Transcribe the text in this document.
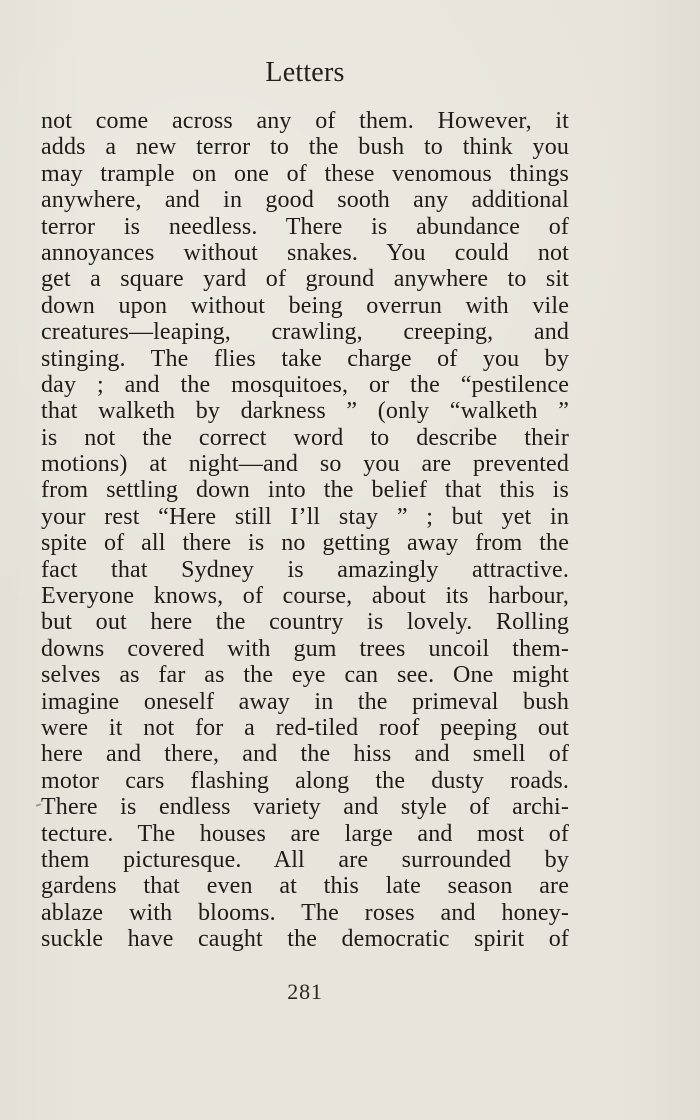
Letters
not come across any of them. However, it
adds a new terror to the bush to think you
may trample on one of these venomous things
anywhere, and in good sooth any additional
terror is needless. There is abundance of
annoyances without snakes. You could not
get a square yard of ground anywhere to sit
down upon without being overrun with vile
creatures—leaping, crawling, creeping, and
stinging. The flies take charge of you by
day ; and the mosquitoes, or the “pestilence
that walketh by darkness ” (only “walketh ”
is not the correct word to describe their
motions) at night—and so you are prevented
from settling down into the belief that this is
your rest “Here still I’ll stay ” ; but yet in
spite of all there is no getting away from the
fact that Sydney is amazingly attractive.
Everyone knows, of course, about its harbour,
but out here the country is lovely. Rolling
downs covered with gum trees uncoil them-
selves as far as the eye can see. One might
imagine oneself away in the primeval bush
were it not for a red-tiled roof peeping out
here and there, and the hiss and smell of
motor cars flashing along the dusty roads.
There is endless variety and style of archi-
tecture. The houses are large and most of
them picturesque. All are surrounded by
gardens that even at this late season are
ablaze with blooms. The roses and honey-
suckle have caught the democratic spirit of
281
